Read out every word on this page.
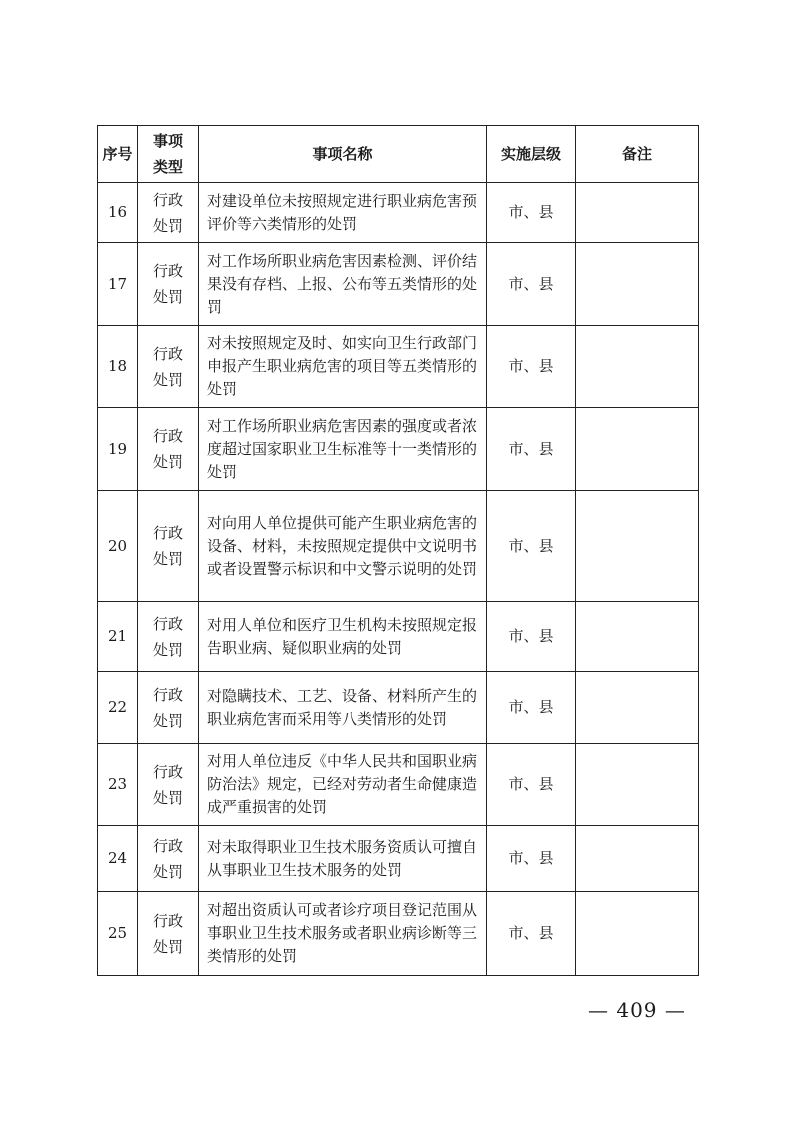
序号	事项类型	事项名称	实施层级	备注
16	行政处罚	对建设单位未按照规定进行职业病危害预评价等六类情形的处罚	市、县	
17	行政处罚	对工作场所职业病危害因素检测、评价结果没有存档、上报、公布等五类情形的处罚	市、县	
18	行政处罚	对未按照规定及时、如实向卫生行政部门申报产生职业病危害的项目等五类情形的处罚	市、县	
19	行政处罚	对工作场所职业病危害因素的强度或者浓度超过国家职业卫生标准等十一类情形的处罚	市、县	
20	行政处罚	对向用人单位提供可能产生职业病危害的设备、材料，未按照规定提供中文说明书或者设置警示标识和中文警示说明的处罚	市、县	
21	行政处罚	对用人单位和医疗卫生机构未按照规定报告职业病、疑似职业病的处罚	市、县	
22	行政处罚	对隐瞒技术、工艺、设备、材料所产生的职业病危害而采用等八类情形的处罚	市、县	
23	行政处罚	对用人单位违反《中华人民共和国职业病防治法》规定，已经对劳动者生命健康造成严重损害的处罚	市、县	
24	行政处罚	对未取得职业卫生技术服务资质认可擅自从事职业卫生技术服务的处罚	市、县	
25	行政处罚	对超出资质认可或者诊疗项目登记范围从事职业卫生技术服务或者职业病诊断等三类情形的处罚	市、县	
— 409 —
